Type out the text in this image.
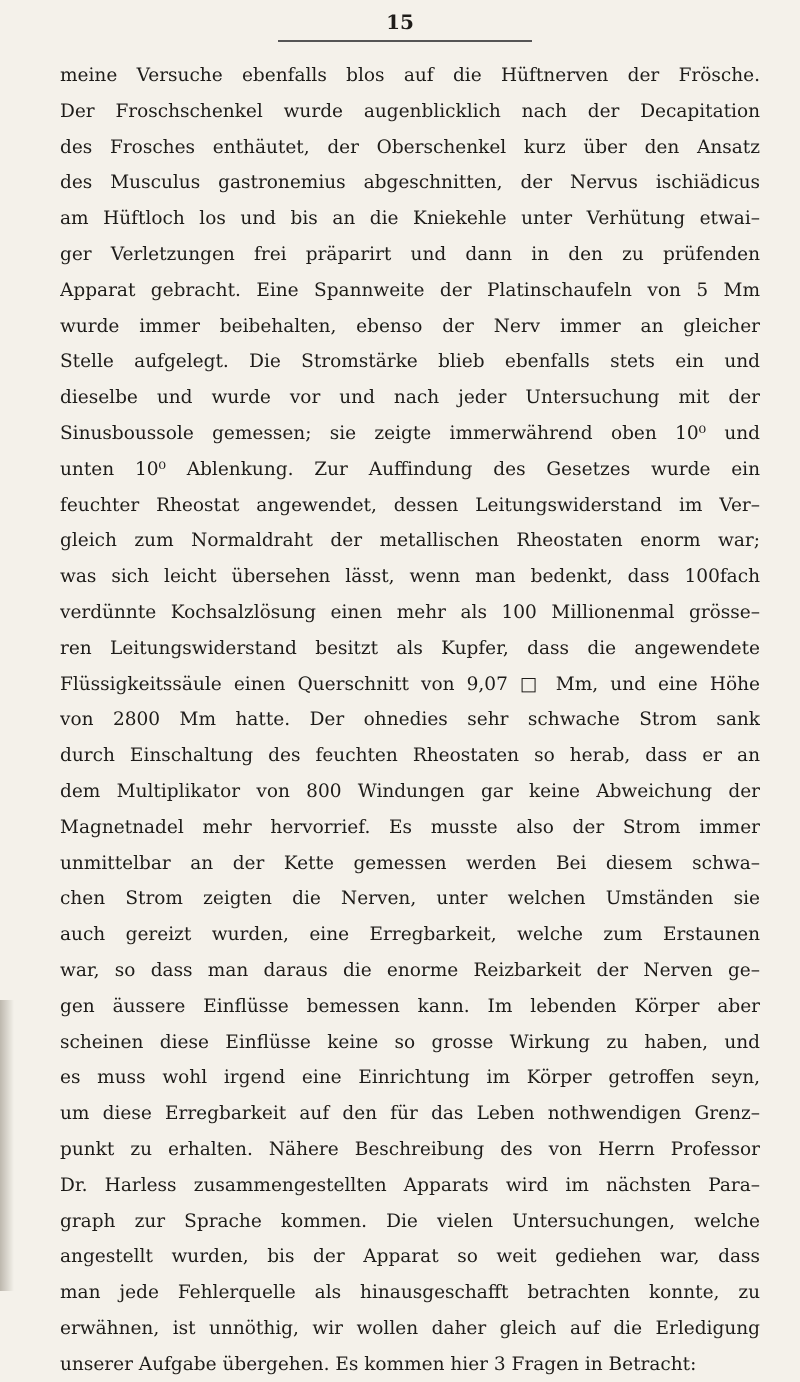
15
meine Versuche ebenfalls blos auf die Hüftnerven der Frösche.
Der Froschschenkel wurde augenblicklich nach der Decapitation
des Frosches enthäutet, der Oberschenkel kurz über den Ansatz
des Musculus gastronemius abgeschnitten, der Nervus ischiädicus
am Hüftloch los und bis an die Kniekehle unter Verhütung etwai–
ger Verletzungen frei präparirt und dann in den zu prüfenden
Apparat gebracht. Eine Spannweite der Platinschaufeln von 5 Mm
wurde immer beibehalten, ebenso der Nerv immer an gleicher
Stelle aufgelegt. Die Stromstärke blieb ebenfalls stets ein und
dieselbe und wurde vor und nach jeder Untersuchung mit der
Sinusboussole gemessen; sie zeigte immerwährend oben 10⁰ und
unten 10⁰ Ablenkung. Zur Auffindung des Gesetzes wurde ein
feuchter Rheostat angewendet, dessen Leitungswiderstand im Ver–
gleich zum Normaldraht der metallischen Rheostaten enorm war;
was sich leicht übersehen lässt, wenn man bedenkt, dass 100fach
verdünnte Kochsalzlösung einen mehr als 100 Millionenmal grösse–
ren Leitungswiderstand besitzt als Kupfer, dass die angewendete
Flüssigkeitssäule einen Querschnitt von 9,07 □ Mm, und eine Höhe
von 2800 Mm hatte. Der ohnedies sehr schwache Strom sank
durch Einschaltung des feuchten Rheostaten so herab, dass er an
dem Multiplikator von 800 Windungen gar keine Abweichung der
Magnetnadel mehr hervorrief. Es musste also der Strom immer
unmittelbar an der Kette gemessen werden Bei diesem schwa–
chen Strom zeigten die Nerven, unter welchen Umständen sie
auch gereizt wurden, eine Erregbarkeit, welche zum Erstaunen
war, so dass man daraus die enorme Reizbarkeit der Nerven ge–
gen äussere Einflüsse bemessen kann. Im lebenden Körper aber
scheinen diese Einflüsse keine so grosse Wirkung zu haben, und
es muss wohl irgend eine Einrichtung im Körper getroffen seyn,
um diese Erregbarkeit auf den für das Leben nothwendigen Grenz–
punkt zu erhalten. Nähere Beschreibung des von Herrn Professor
Dr. Harless zusammengestellten Apparats wird im nächsten Para–
graph zur Sprache kommen. Die vielen Untersuchungen, welche
angestellt wurden, bis der Apparat so weit gediehen war, dass
man jede Fehlerquelle als hinausgeschafft betrachten konnte, zu
erwähnen, ist unnöthig, wir wollen daher gleich auf die Erledigung
unserer Aufgabe übergehen. Es kommen hier 3 Fragen in Betracht:
